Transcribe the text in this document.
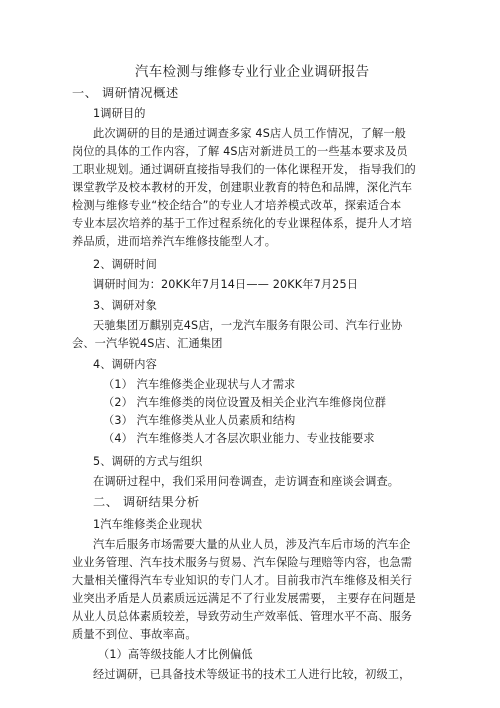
汽车检测与维修专业行业企业调研报告
一、 调研情况概述
1调研目的
此次调研的目的是通过调查多家 4S店人员工作情况，了解一般
岗位的具体的工作内容，了解 4S店对新进员工的一些基本要求及员
工职业规划。通过调研直接指导我们的一体化课程开发， 指导我们的
课堂教学及校本教材的开发，创建职业教育的特色和品牌，深化汽车
检测与维修专业“校企结合”的专业人才培养模式改革，探索适合本
专业本层次培养的基于工作过程系统化的专业课程体系，提升人才培
养品质，进而培养汽车维修技能型人才。
2、调研时间
调研时间为：20KK年7月14日—— 20KK年7月25日
3、调研对象
天驰集团万麒别克4S店，一龙汽车服务有限公司、汽车行业协
会、一汽华锐4S店、汇通集团
4、调研内容
（1） 汽车维修类企业现状与人才需求
（2） 汽车维修类的岗位设置及相关企业汽车维修岗位群
（3） 汽车维修类从业人员素质和结构
（4） 汽车维修类人才各层次职业能力、专业技能要求
5、调研的方式与组织
在调研过程中，我们采用问卷调查，走访调查和座谈会调查。
二、 调研结果分析
1汽车维修类企业现状
汽车后服务市场需要大量的从业人员，涉及汽车后市场的汽车企
业业务管理、汽车技术服务与贸易、汽车保险与理赔等内容，也急需
大量相关懂得汽车专业知识的专门人才。目前我市汽车维修及相关行
业突出矛盾是人员素质远远满足不了行业发展需要， 主要存在问题是
从业人员总体素质较差，导致劳动生产效率低、管理水平不高、服务
质量不到位、事故率高。
（1）高等级技能人才比例偏低
经过调研，已具备技术等级证书的技术工人进行比较，初级工，
